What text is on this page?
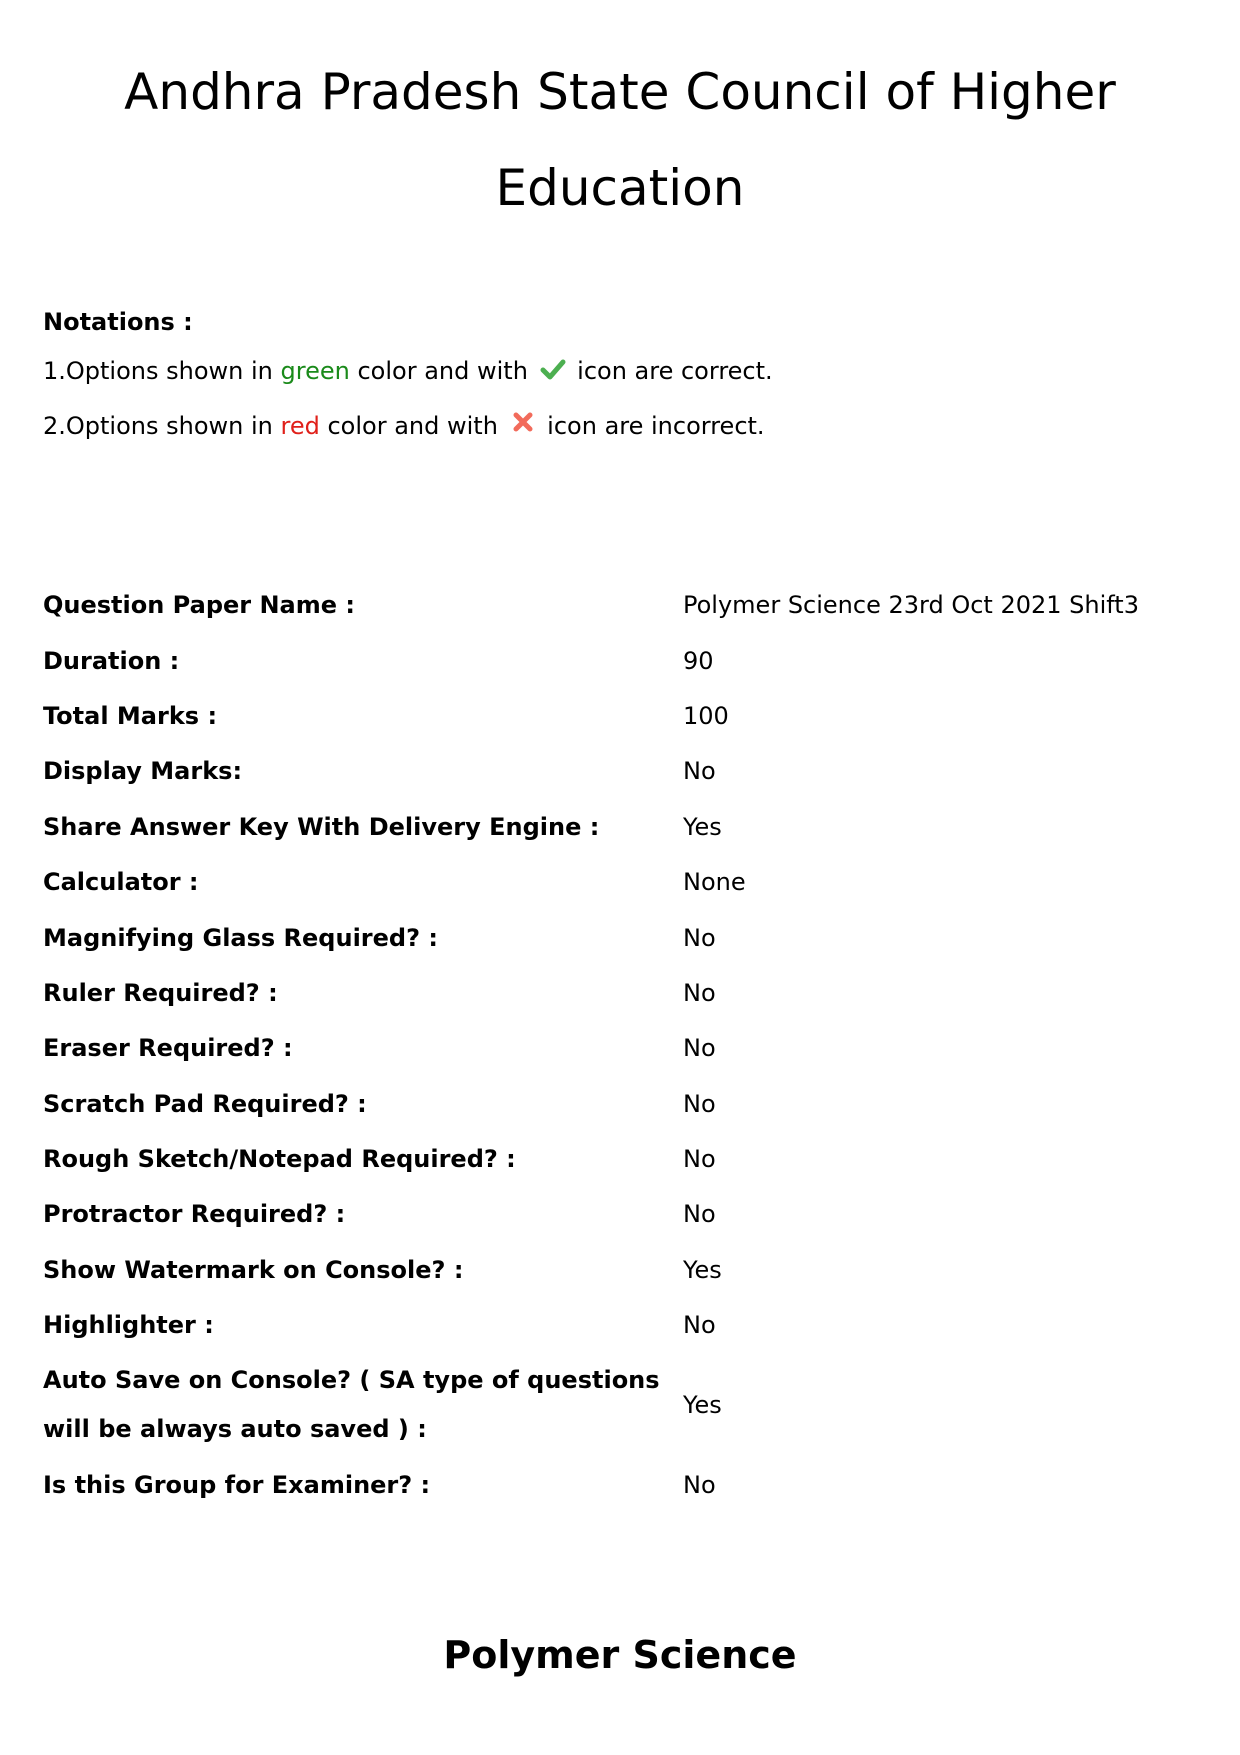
Andhra Pradesh State Council of Higher
Education
Notations :
1.Options shown in green color and with  icon are correct.
2.Options shown in red color and with  icon are incorrect.
Question Paper Name :	Polymer Science 23rd Oct 2021 Shift3
Duration :	90
Total Marks :	100
Display Marks:	No
Share Answer Key With Delivery Engine :	Yes
Calculator :	None
Magnifying Glass Required? :	No
Ruler Required? :	No
Eraser Required? :	No
Scratch Pad Required? :	No
Rough Sketch/Notepad Required? :	No
Protractor Required? :	No
Show Watermark on Console? :	Yes
Highlighter :	No
Auto Save on Console? ( SA type of questions will be always auto saved ) :
Yes
Is this Group for Examiner? :	No
Polymer Science
